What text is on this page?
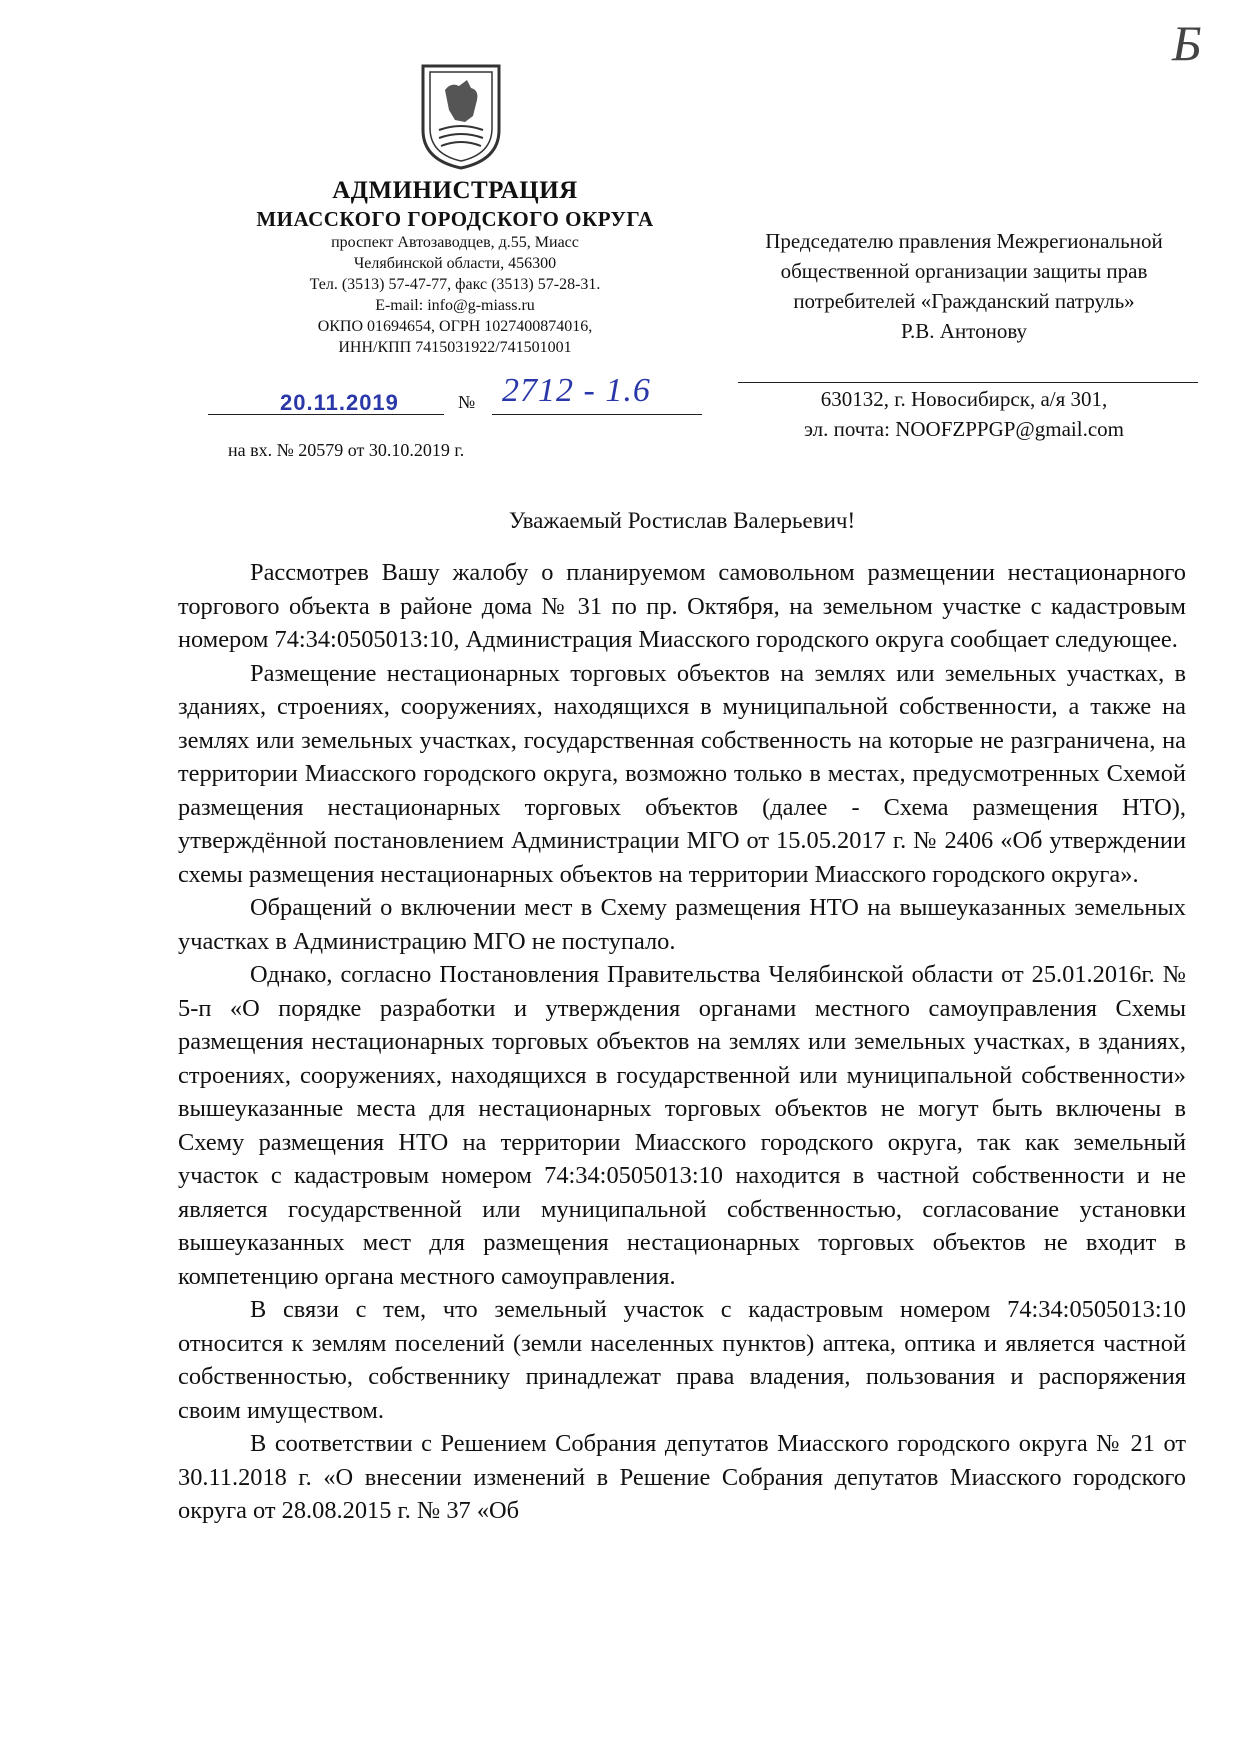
Б
АДМИНИСТРАЦИЯ
МИАССКОГО ГОРОДСКОГО ОКРУГА
проспект Автозаводцев, д.55, Миасс
Челябинской области, 456300
Тел. (3513) 57-47-77, факс (3513) 57-28-31.
E-mail: info@g-miass.ru
ОКПО 01694654, ОГРН 1027400874016,
ИНН/КПП 7415031922/741501001
20.11.2019	№ 2712 - 1.6
на вх. № 20579 от 30.10.2019 г.
Председателю правления Межрегиональной
общественной организации защиты прав
потребителей «Гражданский патруль»
Р.В. Антонову
630132, г. Новосибирск, а/я 301,
эл. почта: NOOFZPPGP@gmail.com
Уважаемый Ростислав Валерьевич!

Рассмотрев Вашу жалобу о планируемом самовольном размещении нестационарного торгового объекта в районе дома № 31 по пр. Октября, на земельном участке с кадастровым номером 74:34:0505013:10, Администрация Миасского городского округа сообщает следующее.

Размещение нестационарных торговых объектов на землях или земельных участках, в зданиях, строениях, сооружениях, находящихся в муниципальной собственности, а также на землях или земельных участках, государственная собственность на которые не разграничена, на территории Миасского городского округа, возможно только в местах, предусмотренных Схемой размещения нестационарных торговых объектов (далее - Схема размещения НТО), утверждённой постановлением Администрации МГО от 15.05.2017 г. № 2406 «Об утверждении схемы размещения нестационарных объектов на территории Миасского городского округа».

Обращений о включении мест в Схему размещения НТО на вышеуказанных земельных участках в Администрацию МГО не поступало.

Однако, согласно Постановления Правительства Челябинской области от 25.01.2016г. № 5-п «О порядке разработки и утверждения органами местного самоуправления Схемы размещения нестационарных торговых объектов на землях или земельных участках, в зданиях, строениях, сооружениях, находящихся в государственной или муниципальной собственности» вышеуказанные места для нестационарных торговых объектов не могут быть включены в Схему размещения НТО на территории Миасского городского округа, так как земельный участок с кадастровым номером 74:34:0505013:10 находится в частной собственности и не является государственной или муниципальной собственностью, согласование установки вышеуказанных мест для размещения нестационарных торговых объектов не входит в компетенцию органа местного самоуправления.

В связи с тем, что земельный участок с кадастровым номером 74:34:0505013:10 относится к землям поселений (земли населенных пунктов) аптека, оптика и является частной собственностью, собственнику принадлежат права владения, пользования и распоряжения своим имуществом.

В соответствии с Решением Собрания депутатов Миасского городского округа № 21 от 30.11.2018 г. «О внесении изменений в Решение Собрания депутатов Миасского городского округа от 28.08.2015 г. № 37 «Об
